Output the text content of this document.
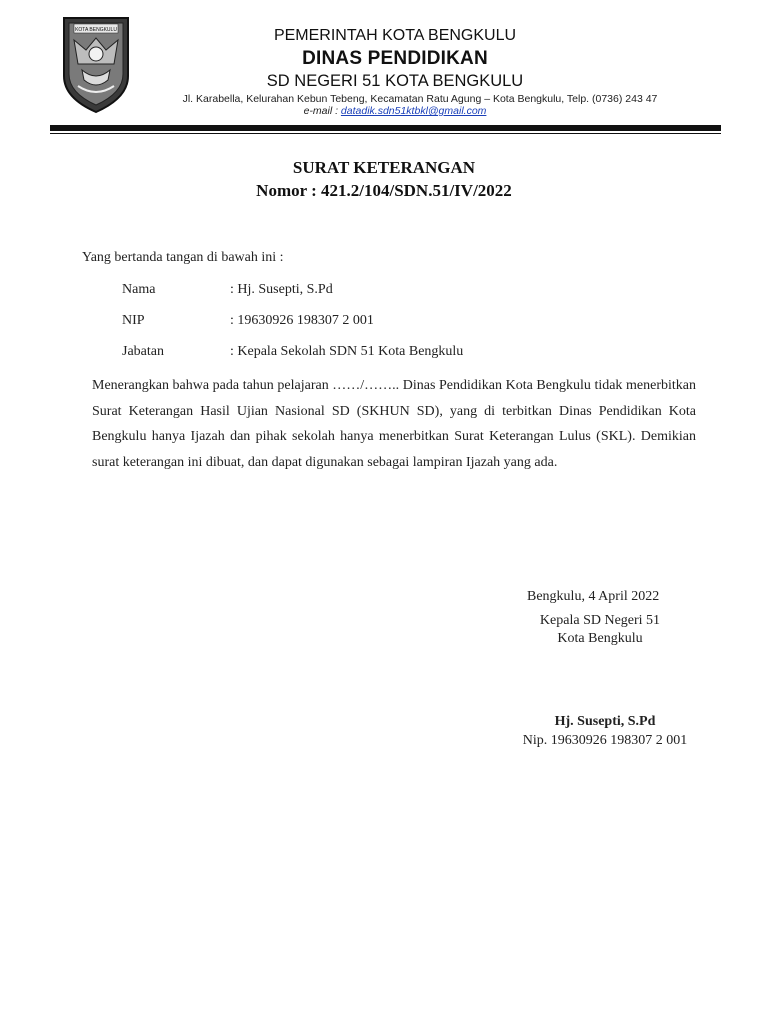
KOTA BENGKULU	PEMERINTAH KOTA BENGKULU
DINAS PENDIDIKAN
SD NEGERI 51 KOTA BENGKULU
Jl. Karabella, Kelurahan Kebun Tebeng, Kecamatan Ratu Agung – Kota Bengkulu, Telp. (0736) 243 47
e-mail : datadik.sdn51ktbkl@gmail.com
SURAT KETERANGAN
Nomor : 421.2/104/SDN.51/IV/2022
Yang bertanda tangan di bawah ini :
Nama	: Hj. Susepti, S.Pd
NIP	: 19630926 198307 2 001
Jabatan	: Kepala Sekolah SDN 51 Kota Bengkulu
Menerangkan bahwa pada tahun pelajaran ……/…….. Dinas Pendidikan Kota Bengkulu tidak menerbitkan Surat Keterangan Hasil Ujian Nasional SD (SKHUN SD), yang di terbitkan Dinas Pendidikan Kota Bengkulu hanya Ijazah dan pihak sekolah hanya menerbitkan Surat Keterangan Lulus (SKL). Demikian surat keterangan ini dibuat, dan dapat digunakan sebagai lampiran Ijazah yang ada.
Bengkulu, 4 April 2022
Kepala SD Negeri 51
Kota Bengkulu
Hj. Susepti, S.Pd
Nip. 19630926 198307 2 001
